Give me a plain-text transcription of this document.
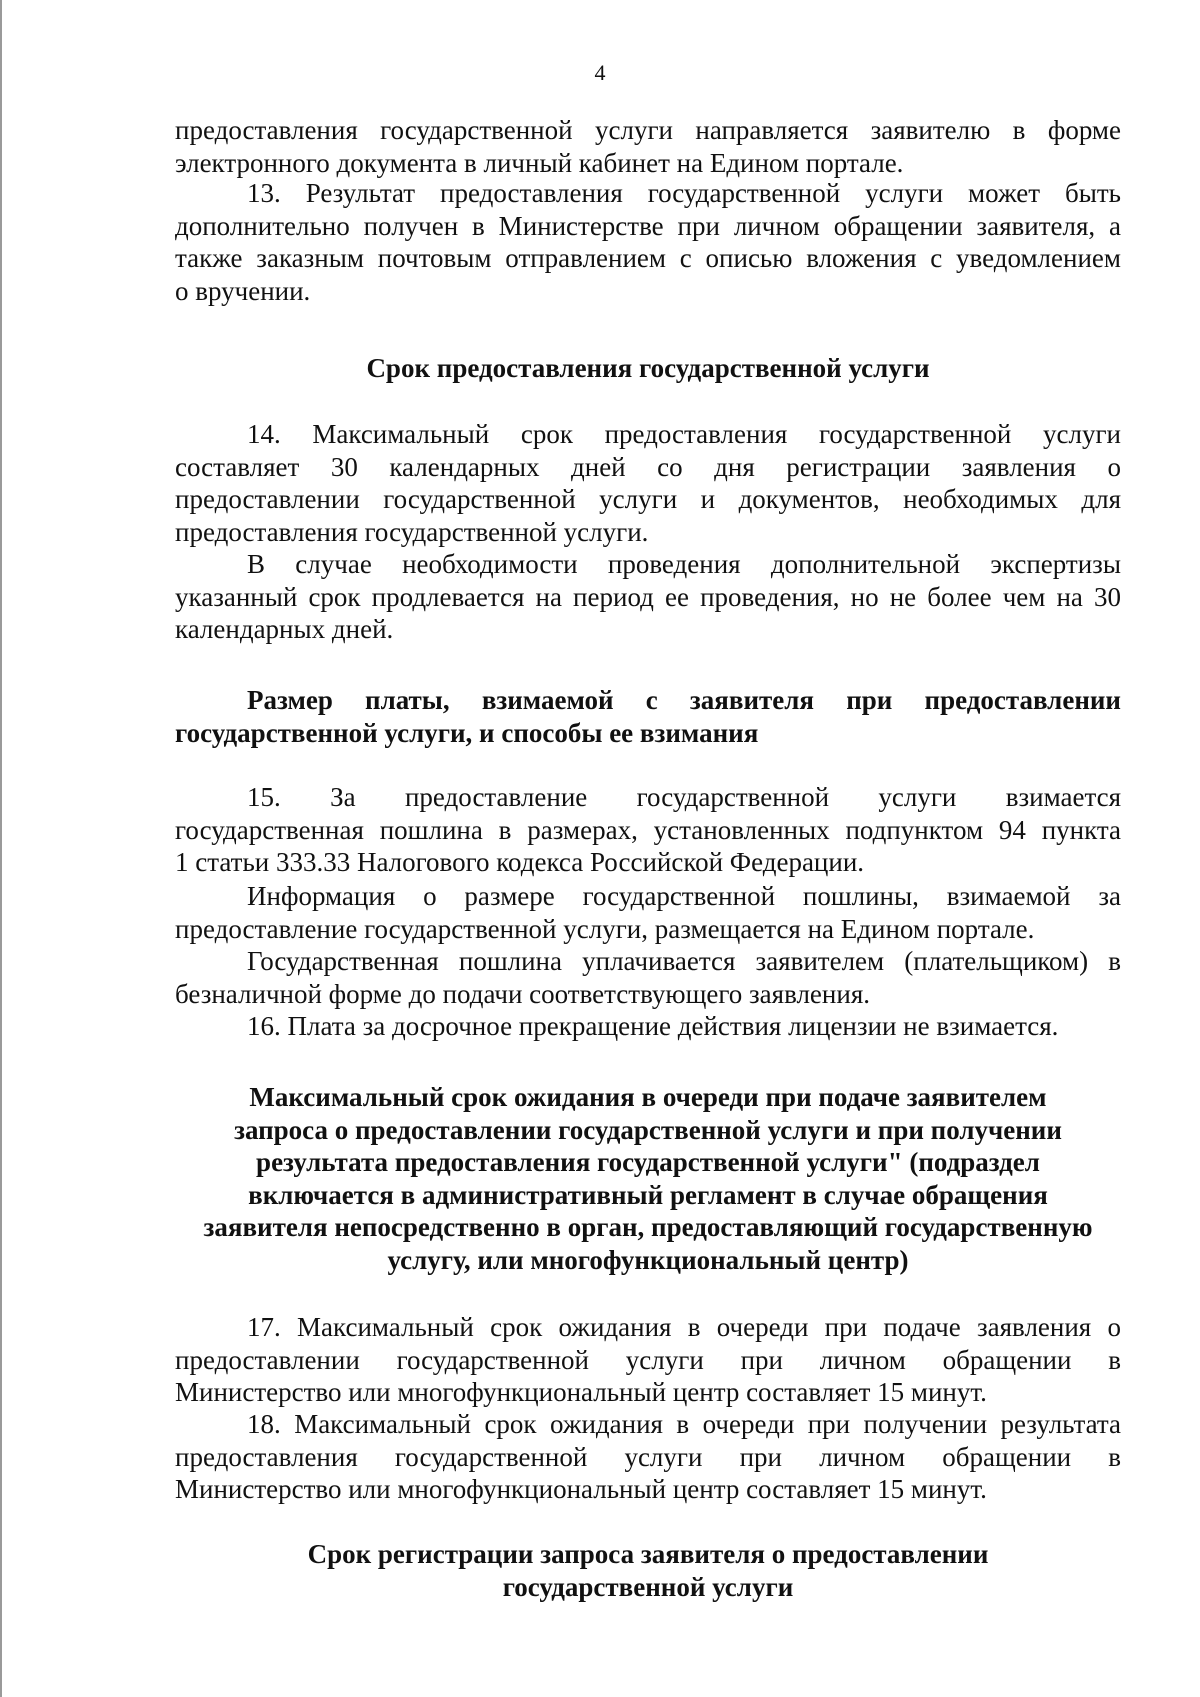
4

предоставления государственной услуги направляется заявителю в форме

электронного документа в личный кабинет на Едином портале.

13. Результат предоставления государственной услуги может быть

дополнительно получен в Министерстве при личном обращении заявителя, а

также заказным почтовым отправлением с описью вложения с уведомлением

о вручении.

Срок предоставления государственной услуги

14. Максимальный срок предоставления государственной услуги

составляет 30 календарных дней со дня регистрации заявления о

предоставлении государственной услуги и документов, необходимых для

предоставления государственной услуги.

В случае необходимости проведения дополнительной экспертизы

указанный срок продлевается на период ее проведения, но не более чем на 30

календарных дней.

Размер платы, взимаемой с заявителя при предоставлении

государственной услуги, и способы ее взимания

15. За предоставление государственной услуги взимается

государственная пошлина в размерах, установленных подпунктом 94 пункта

1 статьи 333.33 Налогового кодекса Российской Федерации.

Информация о размере государственной пошлины, взимаемой за

предоставление государственной услуги, размещается на Едином портале.

Государственная пошлина уплачивается заявителем (плательщиком) в

безналичной форме до подачи соответствующего заявления.

16. Плата за досрочное прекращение действия лицензии не взимается.

Максимальный срок ожидания в очереди при подаче заявителем
запроса о предоставлении государственной услуги и при получении
результата предоставления государственной услуги" (подраздел
включается в административный регламент в случае обращения
заявителя непосредственно в орган, предоставляющий государственную
услугу, или многофункциональный центр)

17. Максимальный срок ожидания в очереди при подаче заявления о

предоставлении государственной услуги при личном обращении в

Министерство или многофункциональный центр составляет 15 минут.

18. Максимальный срок ожидания в очереди при получении результата

предоставления государственной услуги при личном обращении в

Министерство или многофункциональный центр составляет 15 минут.

Срок регистрации запроса заявителя о предоставлении
государственной услуги
